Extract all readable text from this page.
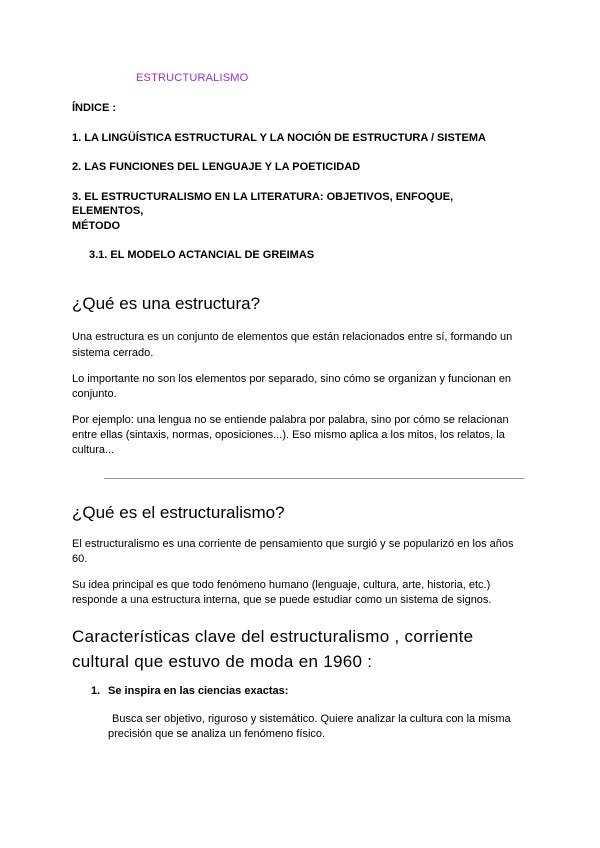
ESTRUCTURALISMO

ÍNDICE :

1. LA LINGÜÍSTICA ESTRUCTURAL Y LA NOCIÓN DE ESTRUCTURA / SISTEMA

2. LAS FUNCIONES DEL LENGUAJE Y LA POETICIDAD

3. EL ESTRUCTURALISMO EN LA LITERATURA: OBJETIVOS, ENFOQUE,

ELEMENTOS,

MÉTODO

3.1. EL MODELO ACTANCIAL DE GREIMAS

¿Qué es una estructura?

Una estructura es un conjunto de elementos que están relacionados entre sí, formando un

sistema cerrado.

Lo importante no son los elementos por separado, sino cómo se organizan y funcionan en

conjunto.

Por ejemplo: una lengua no se entiende palabra por palabra, sino por cómo se relacionan

entre ellas (sintaxis, normas, oposiciones...). Eso mismo aplica a los mitos, los relatos, la

cultura...

¿Qué es el estructuralismo?

El estructuralismo es una corriente de pensamiento que surgió y se popularizó en los años

60.

Su idea principal es que todo fenómeno humano (lenguaje, cultura, arte, historia, etc.)

responde a una estructura interna, que se puede estudiar como un sistema de signos.

Características clave del estructuralismo , corriente
cultural que estuvo de moda en 1960 :

1. Se inspira en las ciencias exactas:

Busca ser objetivo, riguroso y sistemático. Quiere analizar la cultura con la misma

precisión que se analiza un fenómeno físico.
